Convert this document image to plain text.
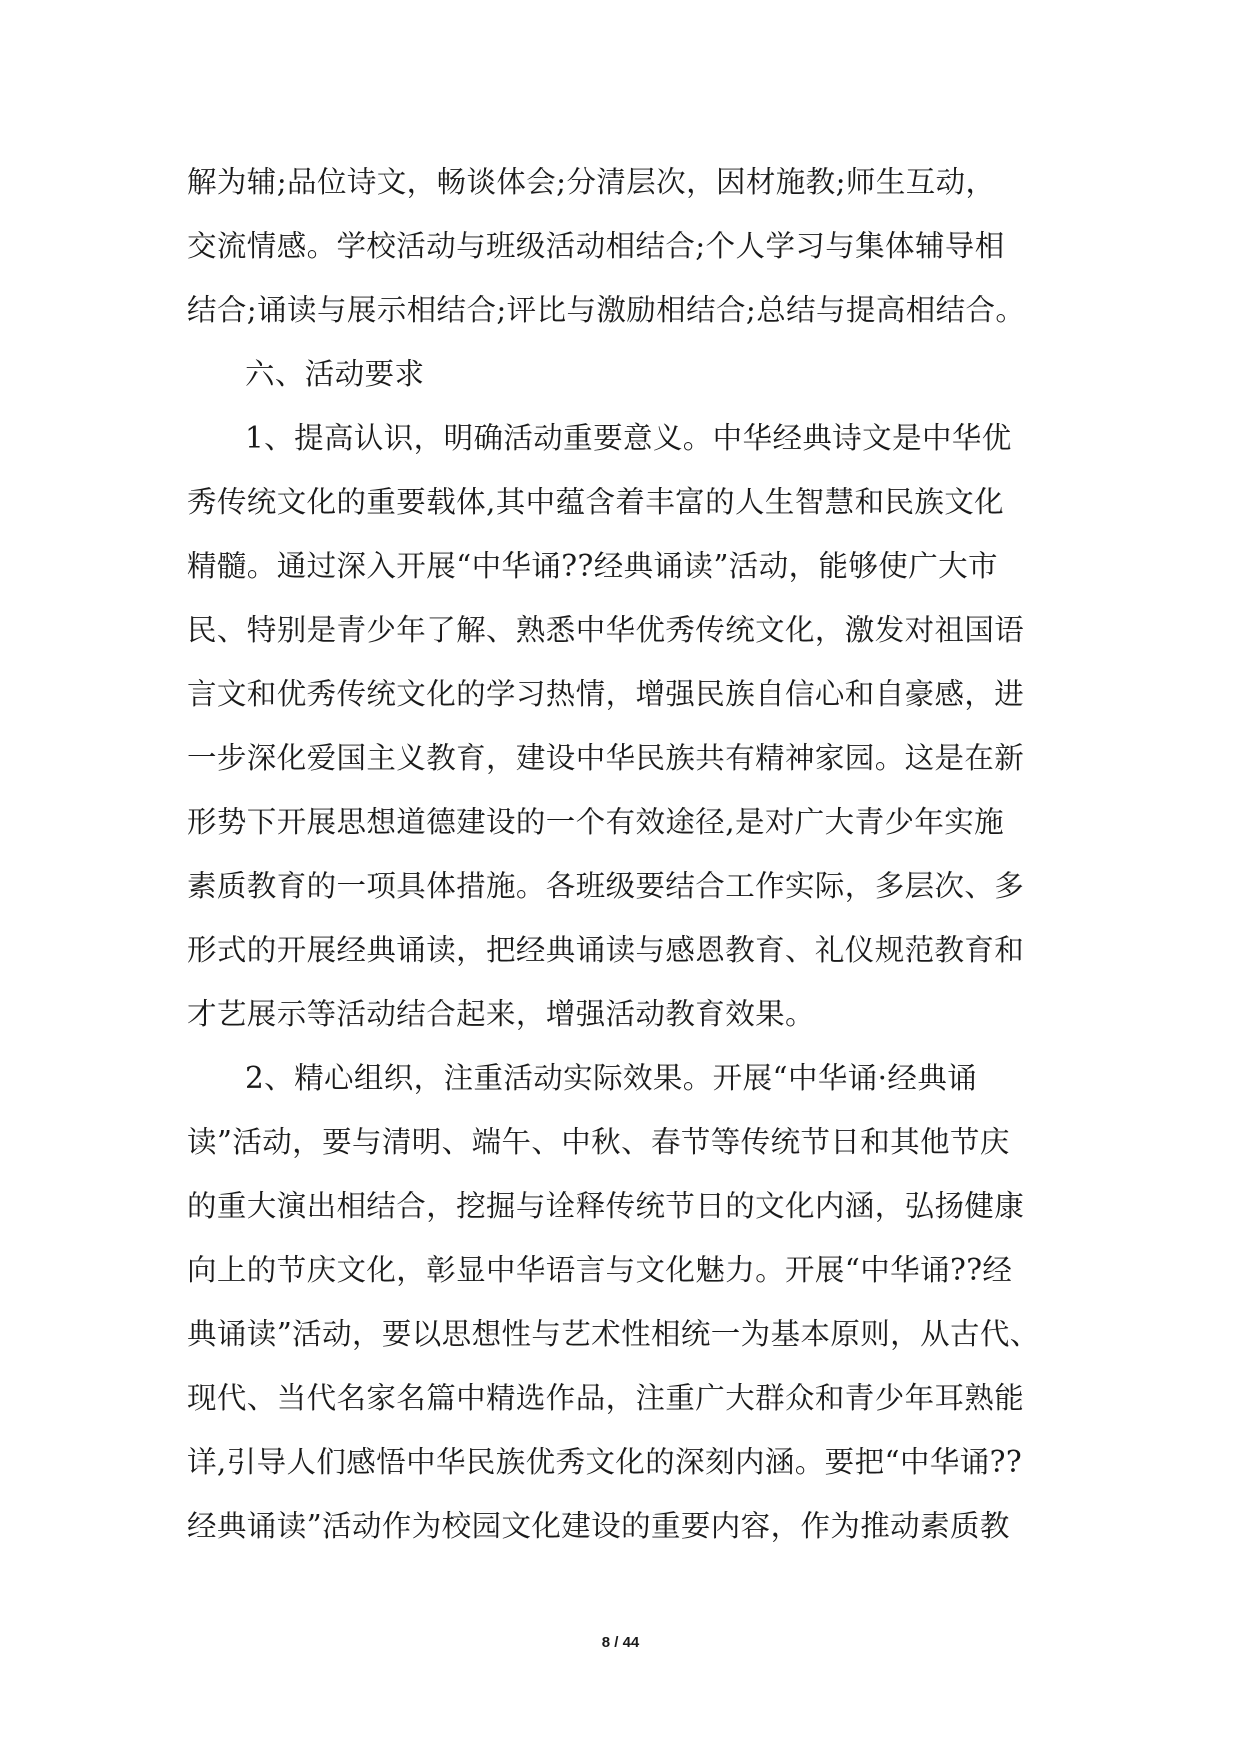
解为辅;品位诗文，畅谈体会;分清层次，因材施教;师生互动，
交流情感。学校活动与班级活动相结合;个人学习与集体辅导相
结合;诵读与展示相结合;评比与激励相结合;总结与提高相结合。
六、活动要求
1、提高认识，明确活动重要意义。中华经典诗文是中华优
秀传统文化的重要载体,其中蕴含着丰富的人生智慧和民族文化
精髓。通过深入开展“中华诵??经典诵读”活动，能够使广大市
民、特别是青少年了解、熟悉中华优秀传统文化，激发对祖国语
言文和优秀传统文化的学习热情，增强民族自信心和自豪感，进
一步深化爱国主义教育，建设中华民族共有精神家园。这是在新
形势下开展思想道德建设的一个有效途径,是对广大青少年实施
素质教育的一项具体措施。各班级要结合工作实际，多层次、多
形式的开展经典诵读，把经典诵读与感恩教育、礼仪规范教育和
才艺展示等活动结合起来，增强活动教育效果。
2、精心组织，注重活动实际效果。开展“中华诵·经典诵
读”活动，要与清明、端午、中秋、春节等传统节日和其他节庆
的重大演出相结合，挖掘与诠释传统节日的文化内涵，弘扬健康
向上的节庆文化，彰显中华语言与文化魅力。开展“中华诵??经
典诵读”活动，要以思想性与艺术性相统一为基本原则，从古代、
现代、当代名家名篇中精选作品，注重广大群众和青少年耳熟能
详,引导人们感悟中华民族优秀文化的深刻内涵。要把“中华诵??
经典诵读”活动作为校园文化建设的重要内容，作为推动素质教
8 / 44
